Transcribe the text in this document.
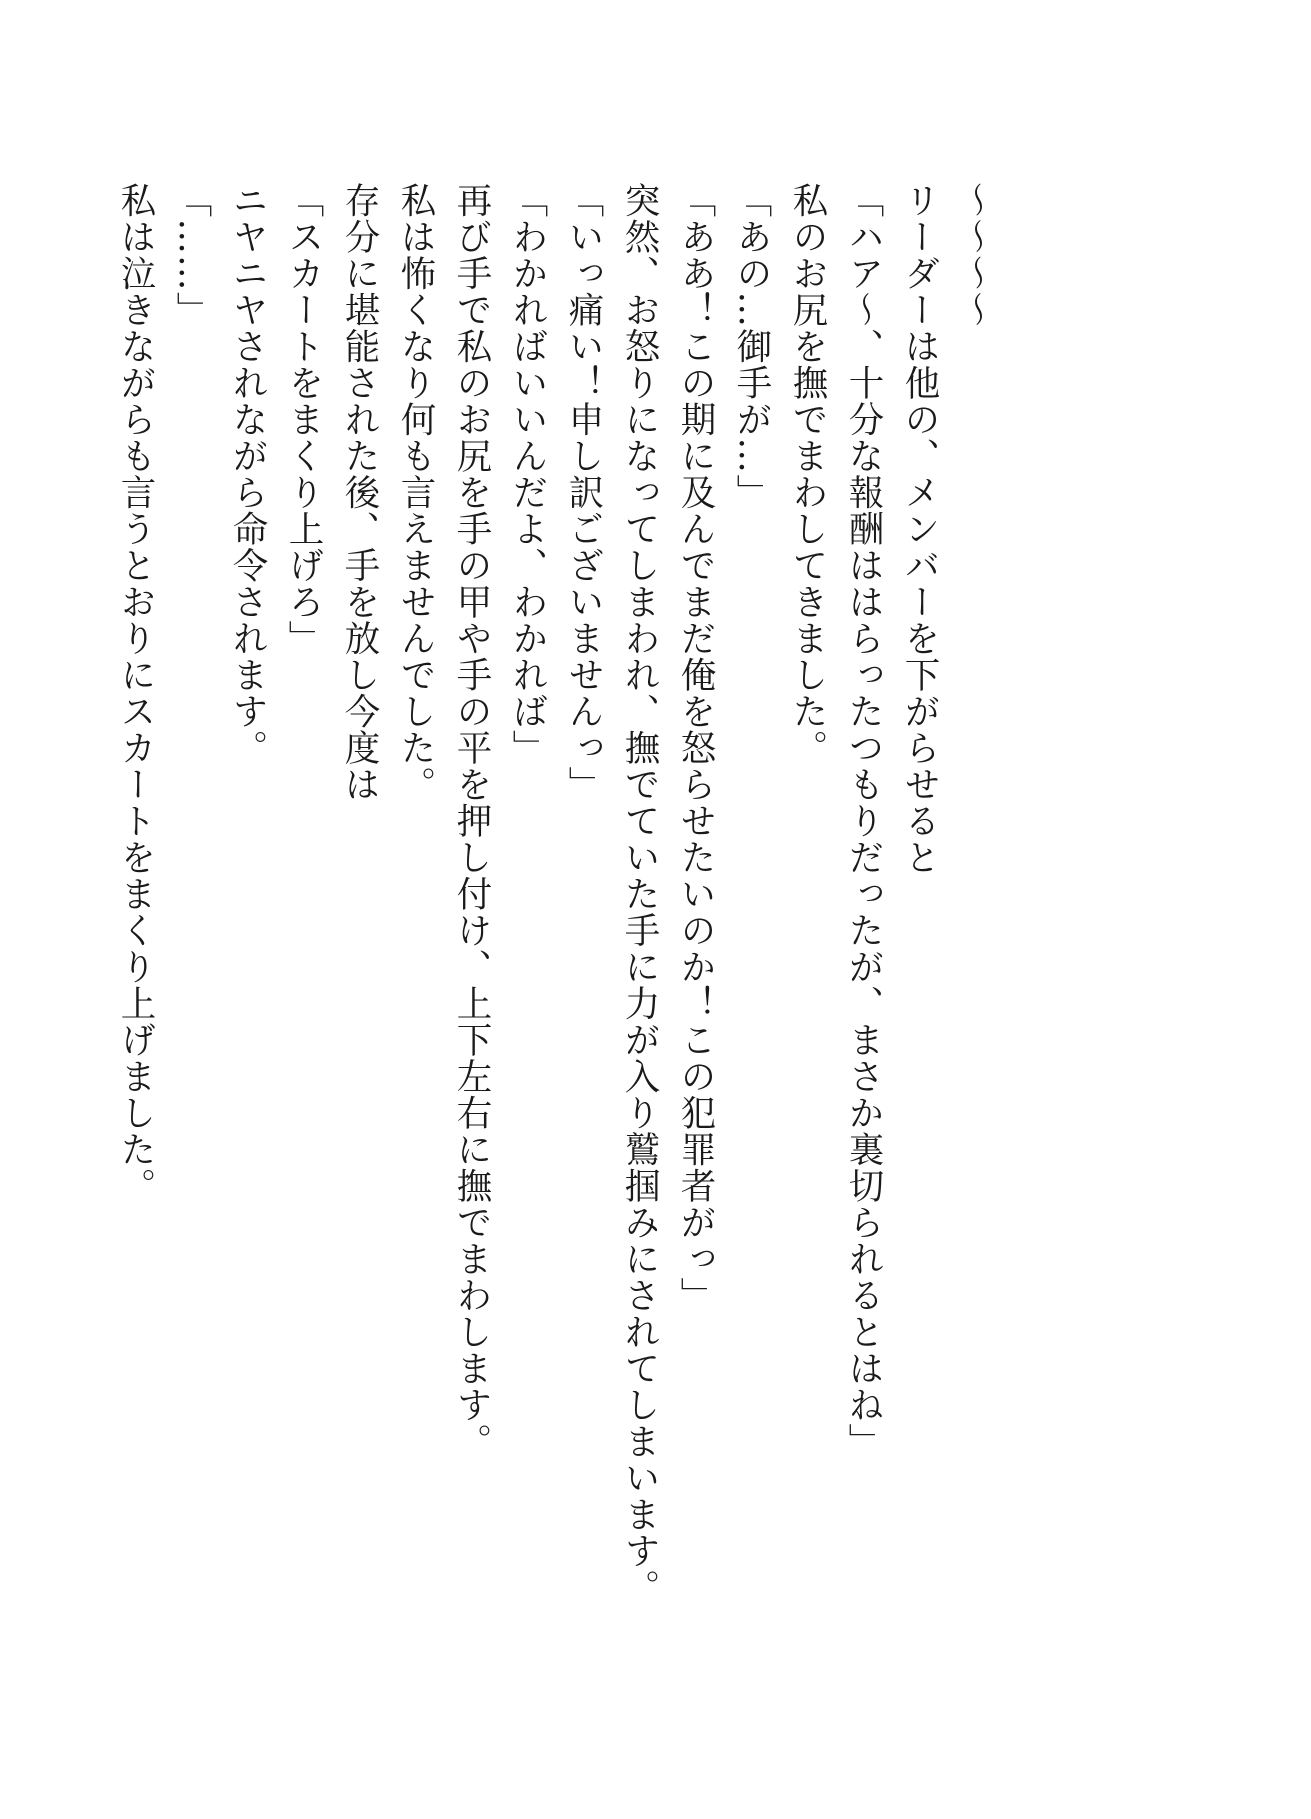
〜〜〜〜
リーダーは他の、メンバーを下がらせると
「ハア〜、十分な報酬ははらったつもりだったが、まさか裏切られるとはね」
私のお尻を撫でまわしてきました。
「あの…御手が…」
「ああ！この期に及んでまだ俺を怒らせたいのか！この犯罪者がっ」
突然、お怒りになってしまわれ、撫でていた手に力が入り鷲掴みにされてしまいます。
「いっ痛い！申し訳ございませんっ」
「わかればいいんだよ、わかれば」
再び手で私のお尻を手の甲や手の平を押し付け、上下左右に撫でまわします。
私は怖くなり何も言えませんでした。
存分に堪能された後、手を放し今度は
「スカートをまくり上げろ」
ニヤニヤされながら命令されます。
「……」
私は泣きながらも言うとおりにスカートをまくり上げました。
